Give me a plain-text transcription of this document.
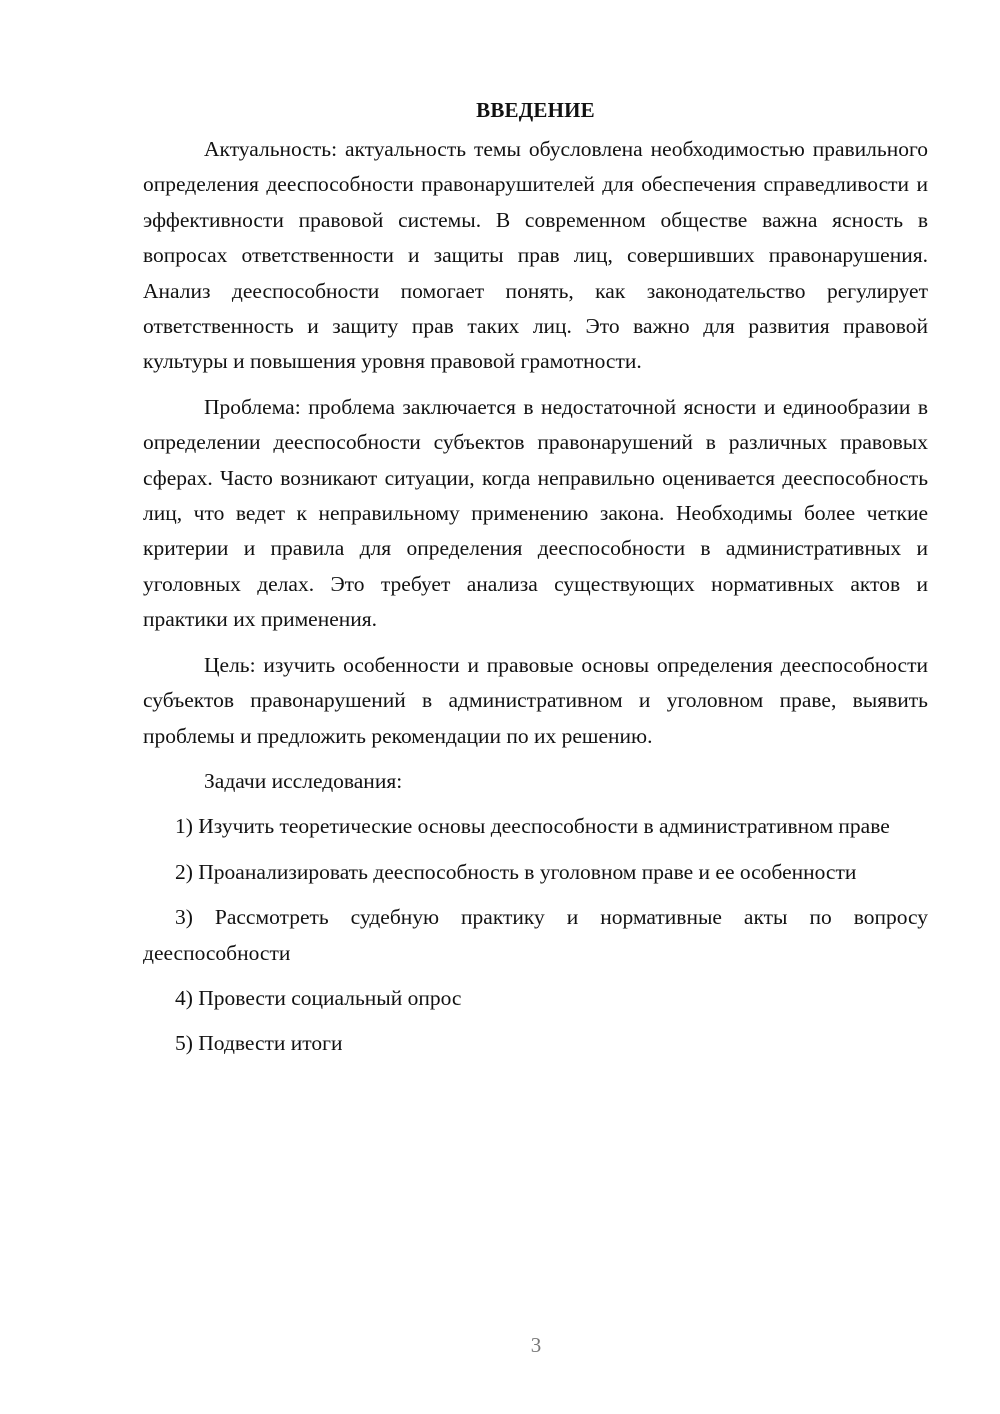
ВВЕДЕНИЕ

Актуальность: актуальность темы обусловлена необходимостью правильного определения дееспособности правонарушителей для обеспечения справедливости и эффективности правовой системы. В современном обществе важна ясность в вопросах ответственности и защиты прав лиц, совершивших правонарушения. Анализ дееспособности помогает понять, как законодательство регулирует ответственность и защиту прав таких лиц. Это важно для развития правовой культуры и повышения уровня правовой грамотности.

Проблема: проблема заключается в недостаточной ясности и единообразии в определении дееспособности субъектов правонарушений в различных правовых сферах. Часто возникают ситуации, когда неправильно оценивается дееспособность лиц, что ведет к неправильному применению закона. Необходимы более четкие критерии и правила для определения дееспособности в административных и уголовных делах. Это требует анализа существующих нормативных актов и практики их применения.

Цель: изучить особенности и правовые основы определения дееспособности субъектов правонарушений в административном и уголовном праве, выявить проблемы и предложить рекомендации по их решению.

Задачи исследования:

1) Изучить теоретические основы дееспособности в административном праве

2) Проанализировать дееспособность в уголовном праве и ее особенности

3) Рассмотреть судебную практику и нормативные акты по вопросу дееспособности

4) Провести социальный опрос

5) Подвести итоги

3
